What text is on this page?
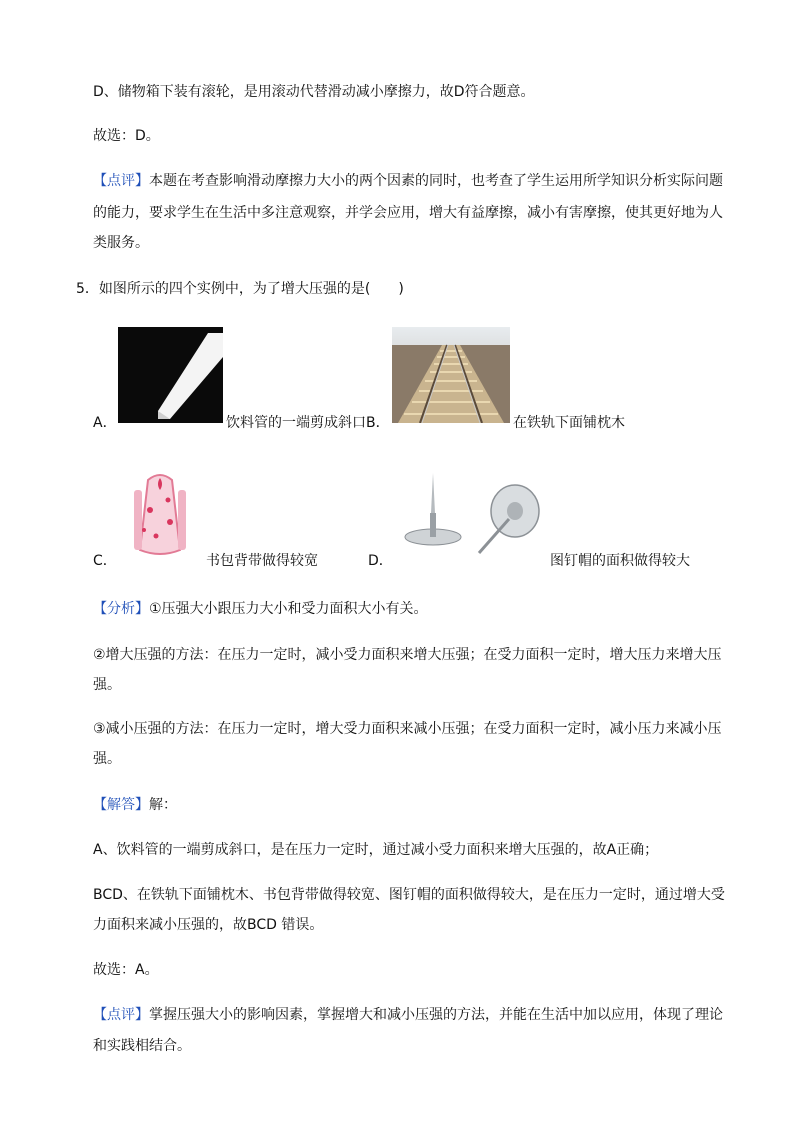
D、储物箱下装有滚轮，是用滚动代替滑动减小摩擦力，故D符合题意。
故选：D。
【点评】本题在考查影响滑动摩擦力大小的两个因素的同时，也考查了学生运用所学知识分析实际问题
的能力，要求学生在生活中多注意观察，并学会应用，增大有益摩擦，减小有害摩擦，使其更好地为人
类服务。
5．如图所示的四个实例中，为了增大压强的是(　　)
A．	饮料管的一端剪成斜口B．	在铁轨下面铺枕木
C．	书包背带做得较宽	D．	图钉帽的面积做得较大
【分析】①压强大小跟压力大小和受力面积大小有关。
②增大压强的方法：在压力一定时，减小受力面积来增大压强；在受力面积一定时，增大压力来增大压
强。
③减小压强的方法：在压力一定时，增大受力面积来减小压强；在受力面积一定时，减小压力来减小压
强。
【解答】解：
A、饮料管的一端剪成斜口，是在压力一定时，通过减小受力面积来增大压强的，故A正确；
BCD、在铁轨下面铺枕木、书包背带做得较宽、图钉帽的面积做得较大，是在压力一定时，通过增大受
力面积来减小压强的，故BCD 错误。
故选：A。
【点评】掌握压强大小的影响因素，掌握增大和减小压强的方法，并能在生活中加以应用，体现了理论
和实践相结合。
